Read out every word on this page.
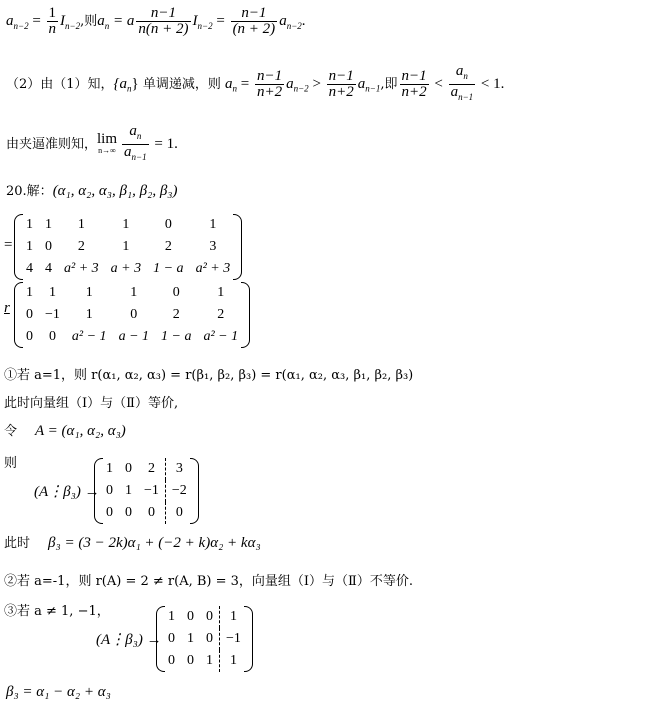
$a_{n-2} = \frac{1}{n} I_{n-2}$,则$a_n = a \frac{n-1}{n(n + 2)} I_{n-2} = \frac{n-1}{(n + 2)} a_{n-2}$.
（2）由（1）知，$\{a_n\}$ 单调递减，则 $a_n = \frac{n-1}{n+2} a_{n-2} > \frac{n-1}{n+2} a_{n-1}$,即 $\frac{n-1}{n+2} < \frac{a_n}{a_{n-1}} < 1$.
由夹逼准则知，lim
$n\to\infty \frac{a_n}{a_{n-1}} = 1$.
20.解：(α₁, α₂, α₃, β₁, β₂, β₃)
=
1	1	1	1	0	1
1	0	2	1	2	3
4	4	a² + 3	a + 3	1 − a	a² + 3
r
1	1	1	1	0	1
0	−1	1	0	2	2
0	0	a² − 1	a − 1	1 − a	a² − 1
①若 a=1，则 r(α₁, α₂, α₃) = r(β₁, β₂, β₃) = r(α₁, α₂, α₃, β₁, β₂, β₃)
此时向量组（Ⅰ）与（Ⅱ）等价,
令 A = (α₁, α₂, α₃)
则
(A⋮β₃) →
1	0	2	3
0	1	−1	−2
0	0	0	0
此时 β₃ = (3 − 2k)α₁ + (−2 + k)α₂ + kα₃
②若 a=-1，则 r(A) = 2 ≠ r(A, B) = 3，向量组（Ⅰ）与（Ⅱ）不等价.
③若 a ≠ 1, −1，
(A⋮β₃) →
1	0	0	1
0	1	0	−1
0	0	1	1
β₃ = α₁ − α₂ + α₃
